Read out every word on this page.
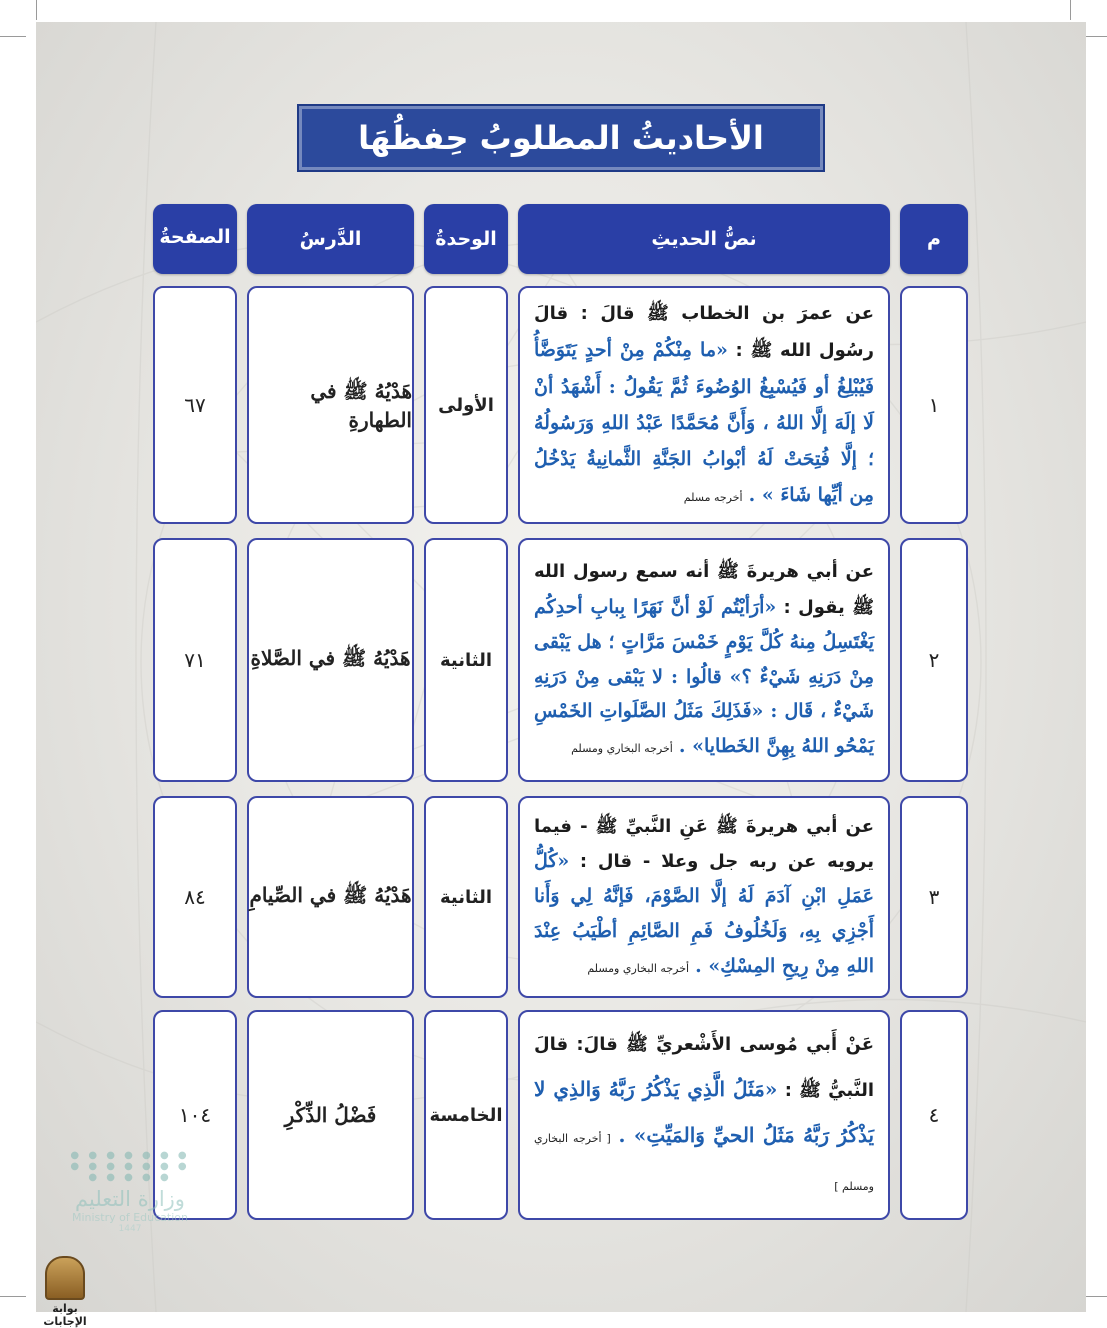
الأحاديثُ المطلوبُ حِفظُهَا
م
نصُّ الحديثِ
الوحدةُ
الدَّرسُ
الصفحةُ
١
عن عمرَ بن الخطاب ﷺ قالَ : قالَ رسُول الله ﷺ : «ما مِنْكُمْ مِنْ أحدٍ يَتَوَضَّأُ فَيُبْلِغُ أو فَيُسْبِغُ الوُضُوءَ ثُمَّ يَقُولُ : أَشْهَدُ أنْ لَا إلَهَ إلَّا اللهُ ، وَأَنَّ مُحَمَّدًا عَبْدُ اللهِ وَرَسُولُهُ ؛ إلَّا فُتِحَتْ لَهُ أبْوابُ الجَنَّةِ الثَّمانِيةُ يَدْخُلُ مِن أيِّها شَاءَ » . أخرجه مسلم
الأولى
هَدْيُهُ ﷺ في الطهارةِ
٦٧
٢
عن أبي هريرةَ ﷺ أنه سمع رسول الله ﷺ يقول : «أرَأيْتُم لَوْ أنَّ نَهَرًا بِبابِ أحدِكُم يَغْتَسِلُ مِنهُ كُلَّ يَوْمٍ خَمْسَ مَرَّاتٍ ؛ هل يَبْقى مِنْ دَرَنِهِ شَيْءٌ ؟» قالُوا : لا يَبْقى مِنْ دَرَنِهِ شَيْءٌ ، قَال : «فَذَلِكَ مَثَلُ الصَّلَواتِ الخَمْسِ يَمْحُو اللهُ بِهِنَّ الخَطايا» . أخرجه البخاري ومسلم
الثانية
هَدْيُهُ ﷺ في الصَّلاةِ
٧١
٣
عن أبي هريرةَ ﷺ عَنِ النَّبيِّ ﷺ - فيما يرويه عن ربه جل وعلا - قال : «كُلُّ عَمَلِ ابْنِ آدَمَ لَهُ إلَّا الصَّوْمَ، فَإنَّهُ لِي وَأَنا أَجْزِي بِهِ، وَلَخُلُوفُ فَمِ الصَّائِمِ أطْيَبُ عِنْدَ اللهِ مِنْ رِيحِ المِسْكِ» . أخرجه البخاري ومسلم
الثانية
هَدْيُهُ ﷺ في الصِّيامِ
٨٤
٤
عَنْ أَبي مُوسى الأَشْعريِّ ﷺ قالَ: قالَ النَّبيُّ ﷺ : «مَثَلُ الَّذِي يَذْكُرُ رَبَّهُ وَالذِي لا يَذْكُرُ رَبَّهُ مَثَلُ الحيِّ وَالمَيِّتِ» . [ أخرجه البخاري ومسلم ]
الخامسة
فَضْلُ الذِّكْرِ
١٠٤
● ● ● ● ● ● ●
● ● ● ● ● ● ●
● ● ● ● ●
وزارة التعليم
Ministry of Education
1447
بوابة الإجابات
